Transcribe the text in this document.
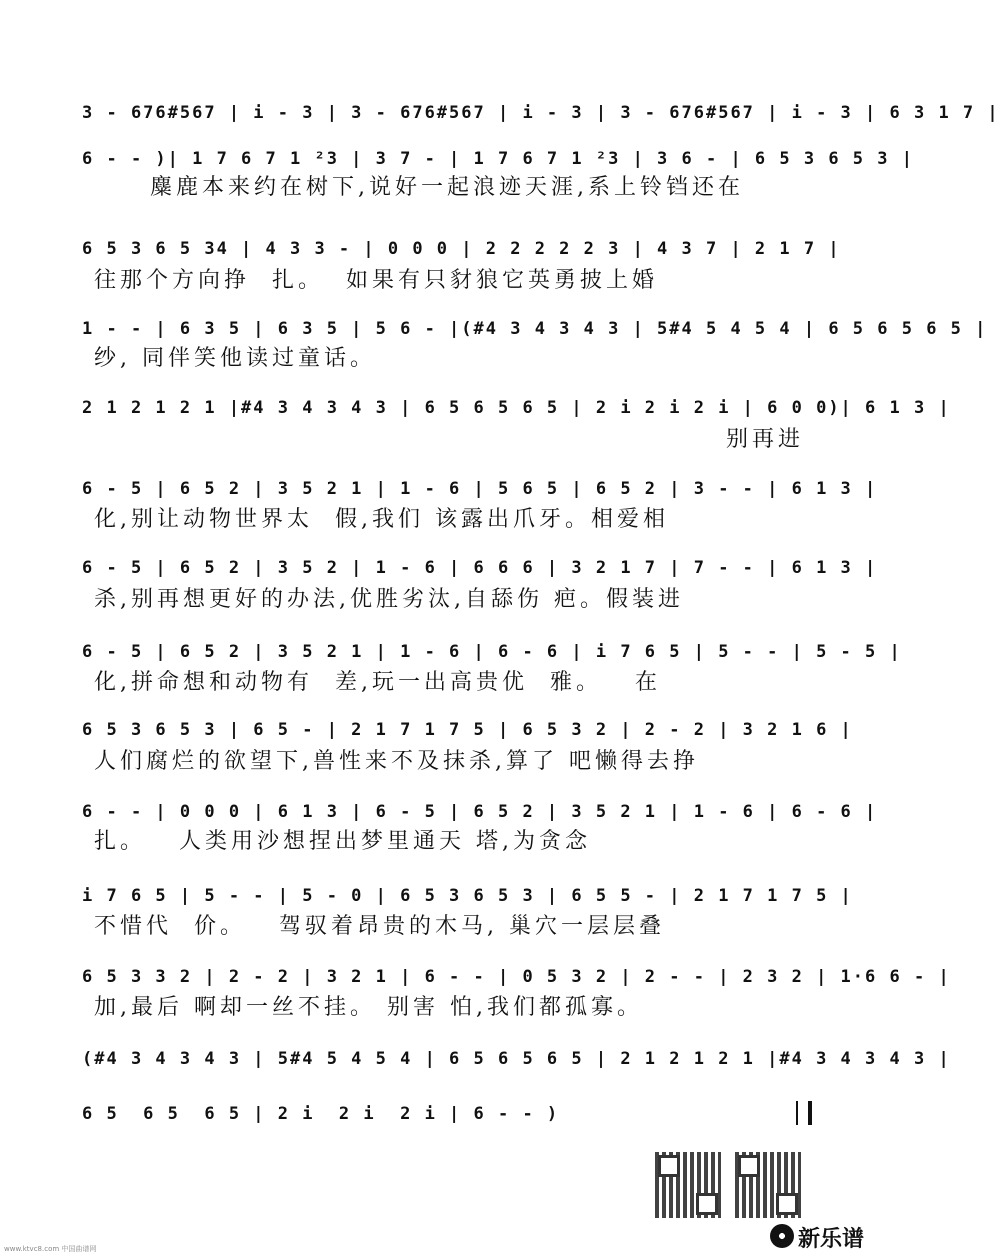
3 - 676#567 | i - 3 | 3 - 676#567 | i - 3 | 3 - 676#567 | i - 3 | 6 3 1 7 |
6 - - )| 1 7 6 7 1 ²3 | 3 7 - | 1 7 6 7 1 ²3 | 3 6 - | 6 5 3 6 5 3 |
麋鹿本来约在树下,说好一起浪迹天涯,系上铃铛还在
6 5 3 6 5 34 | 4 3 3 - | 0 0 0 | 2 2 2 2 2 3 | 4 3 7 | 2 1 7 |
往那个方向挣  扎。  如果有只豺狼它英勇披上婚
1 - - | 6 3 5 | 6 3 5 | 5 6 - |(#4 3 4 3 4 3 | 5#4 5 4 5 4 | 6 5 6 5 6 5 |
纱, 同伴笑他读过童话。
2 1 2 1 2 1 |#4 3 4 3 4 3 | 6 5 6 5 6 5 | 2 i 2 i 2 i | 6 0 0)| 6 1 3 |
别再进
6 - 5 | 6 5 2 | 3 5 2 1 | 1 - 6 | 5 6 5 | 6 5 2 | 3 - - | 6 1 3 |
化,别让动物世界太  假,我们 该露出爪牙。相爱相
6 - 5 | 6 5 2 | 3 5 2 | 1 - 6 | 6 6 6 | 3 2 1 7 | 7 - - | 6 1 3 |
杀,别再想更好的办法,优胜劣汰,自舔伤 疤。假装进
6 - 5 | 6 5 2 | 3 5 2 1 | 1 - 6 | 6 - 6 | i 7 6 5 | 5 - - | 5 - 5 |
化,拼命想和动物有  差,玩一出高贵优  雅。   在
6 5 3 6 5 3 | 6 5 - | 2 1 7 1 7 5 | 6 5 3 2 | 2 - 2 | 3 2 1 6 |
人们腐烂的欲望下,兽性来不及抹杀,算了 吧懒得去挣
6 - - | 0 0 0 | 6 1 3 | 6 - 5 | 6 5 2 | 3 5 2 1 | 1 - 6 | 6 - 6 |
扎。   人类用沙想捏出梦里通天 塔,为贪念
i 7 6 5 | 5 - - | 5 - 0 | 6 5 3 6 5 3 | 6 5 5 - | 2 1 7 1 7 5 |
不惜代  价。   驾驭着昂贵的木马, 巢穴一层层叠
6 5 3 3 2 | 2 - 2 | 3 2 1 | 6 - - | 0 5 3 2 | 2 - - | 2 3 2 | 1·6 6 - |
加,最后 啊却一丝不挂。 别害 怕,我们都孤寡。
(#4 3 4 3 4 3 | 5#4 5 4 5 4 | 6 5 6 5 6 5 | 2 1 2 1 2 1 |#4 3 4 3 4 3 |
6 5  6 5  6 5 | 2 i  2 i  2 i | 6 - - )
新乐谱
www.ktvc8.com 中国曲谱网
